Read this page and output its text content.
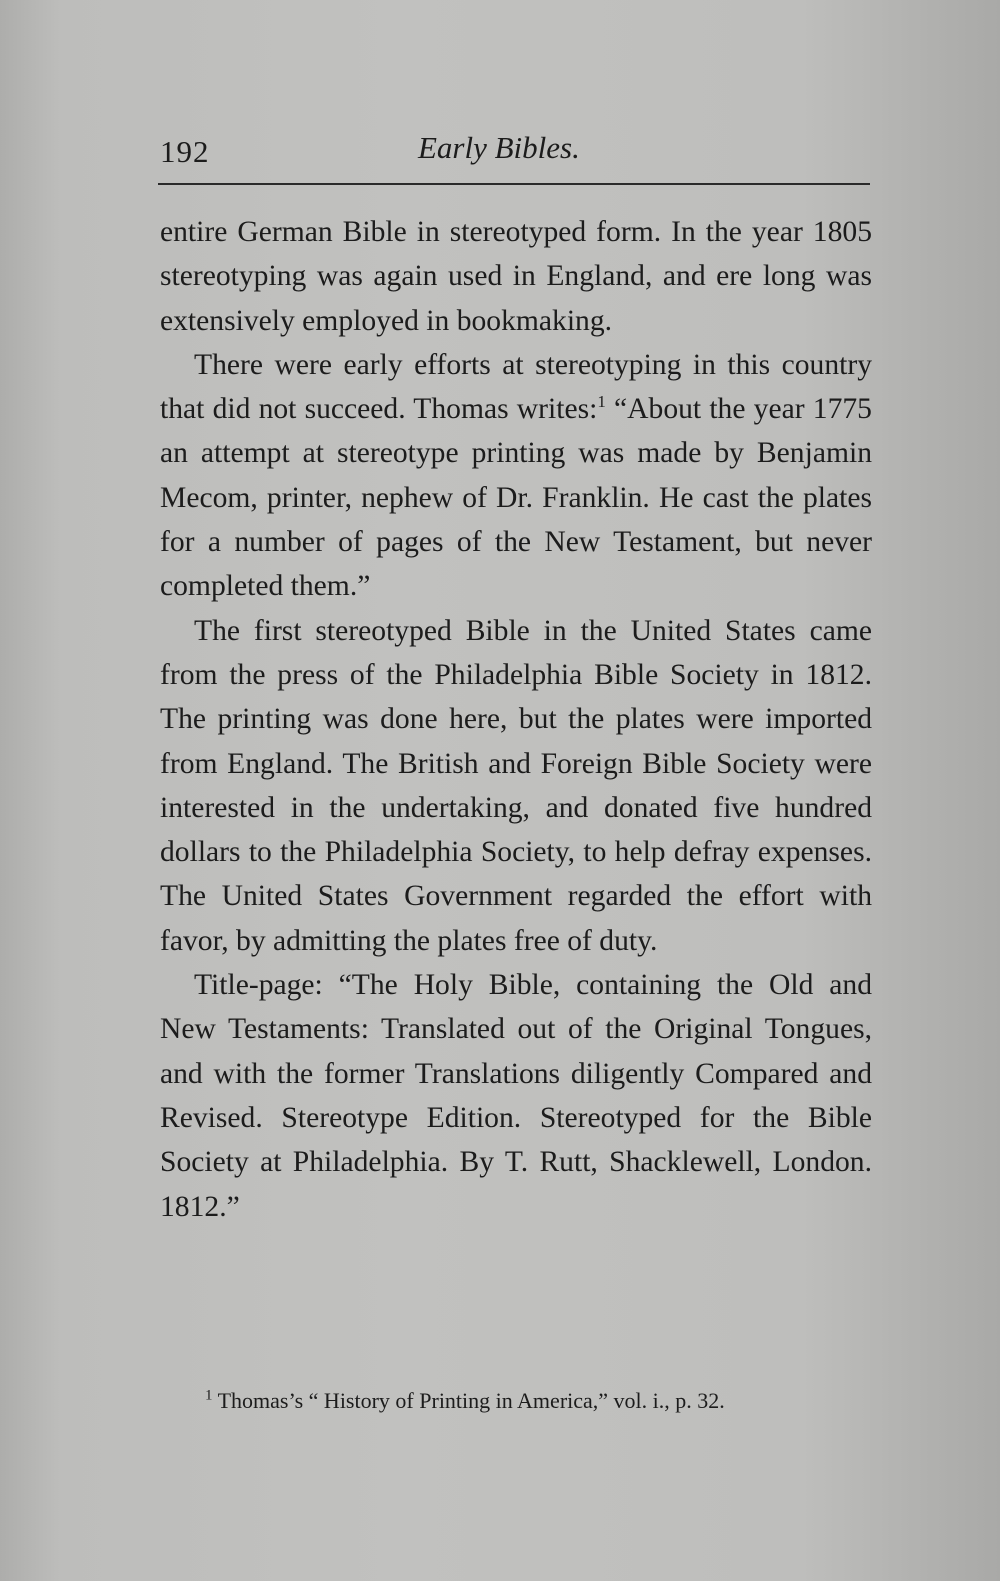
192	Early Bibles.

entire German Bible in stereotyped form. In the year 1805 stereotyping was again used in England, and ere long was extensively employed in bookmaking.

There were early efforts at stereotyping in this country that did not succeed. Thomas writes:$^1$ “About the year 1775 an attempt at stereotype printing was made by Benjamin Mecom, printer, nephew of Dr. Franklin. He cast the plates for a number of pages of the New Testament, but never completed them.”

The first stereotyped Bible in the United States came from the press of the Philadelphia Bible Society in 1812. The printing was done here, but the plates were imported from England. The British and Foreign Bible Society were interested in the undertaking, and donated five hundred dollars to the Philadelphia Society, to help defray expenses. The United States Government regarded the effort with favor, by admitting the plates free of duty.

Title-page: “The Holy Bible, containing the Old and New Testaments: Translated out of the Original Tongues, and with the former Translations diligently Compared and Revised. Stereotype Edition. Stereotyped for the Bible Society at Philadelphia. By T. Rutt, Shacklewell, London. 1812.”

$^1$ Thomas’s “ History of Printing in America,” vol. i., p. 32.
